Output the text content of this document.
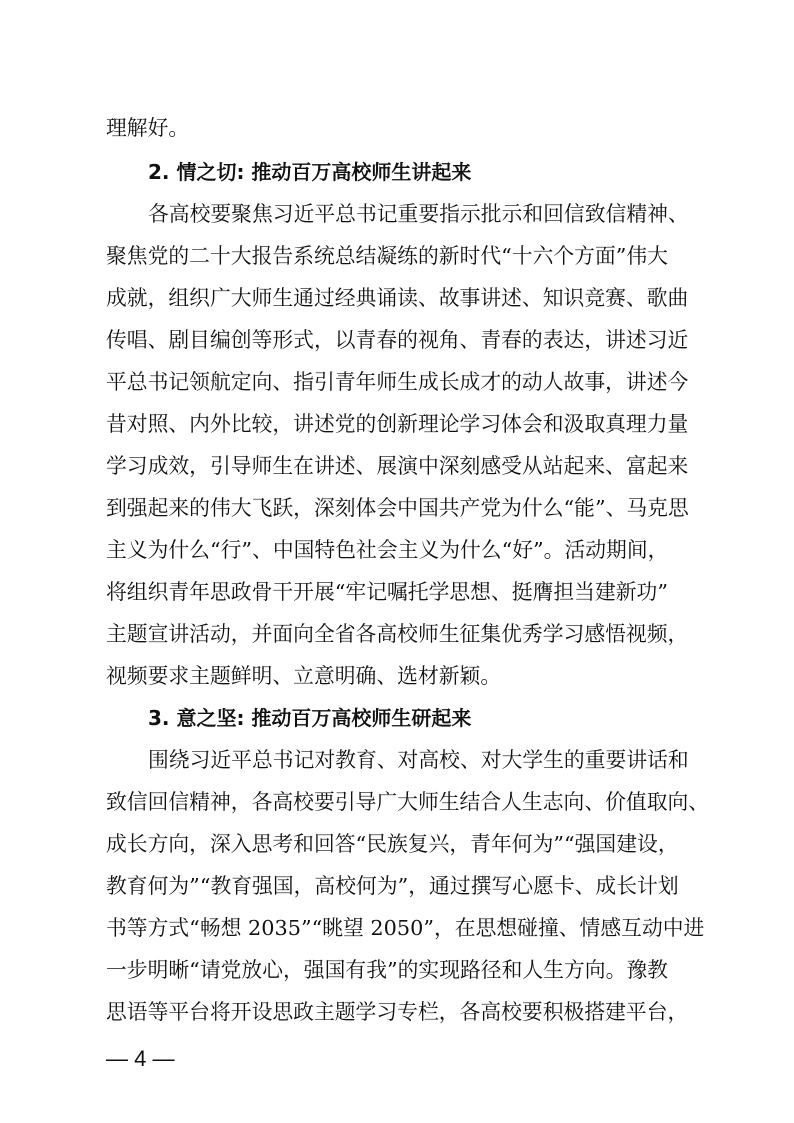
理解好。
2. 情之切: 推动百万高校师生讲起来
各高校要聚焦习近平总书记重要指示批示和回信致信精神、
聚焦党的二十大报告系统总结凝练的新时代“十六个方面”伟大
成就，组织广大师生通过经典诵读、故事讲述、知识竞赛、歌曲
传唱、剧目编创等形式，以青春的视角、青春的表达，讲述习近
平总书记领航定向、指引青年师生成长成才的动人故事，讲述今
昔对照、内外比较，讲述党的创新理论学习体会和汲取真理力量
学习成效，引导师生在讲述、展演中深刻感受从站起来、富起来
到强起来的伟大飞跃，深刻体会中国共产党为什么“能”、马克思
主义为什么“行”、中国特色社会主义为什么“好”。活动期间，
将组织青年思政骨干开展“牢记嘱托学思想、挺膺担当建新功”
主题宣讲活动，并面向全省各高校师生征集优秀学习感悟视频，
视频要求主题鲜明、立意明确、选材新颖。
3. 意之坚: 推动百万高校师生研起来
围绕习近平总书记对教育、对高校、对大学生的重要讲话和
致信回信精神，各高校要引导广大师生结合人生志向、价值取向、
成长方向，深入思考和回答“民族复兴，青年何为”“强国建设，
教育何为”“教育强国，高校何为”，通过撰写心愿卡、成长计划
书等方式“畅想 2035”“眺望 2050”，在思想碰撞、情感互动中进
一步明晰“请党放心，强国有我”的实现路径和人生方向。豫教
思语等平台将开设思政主题学习专栏，各高校要积极搭建平台，
— 4 —
